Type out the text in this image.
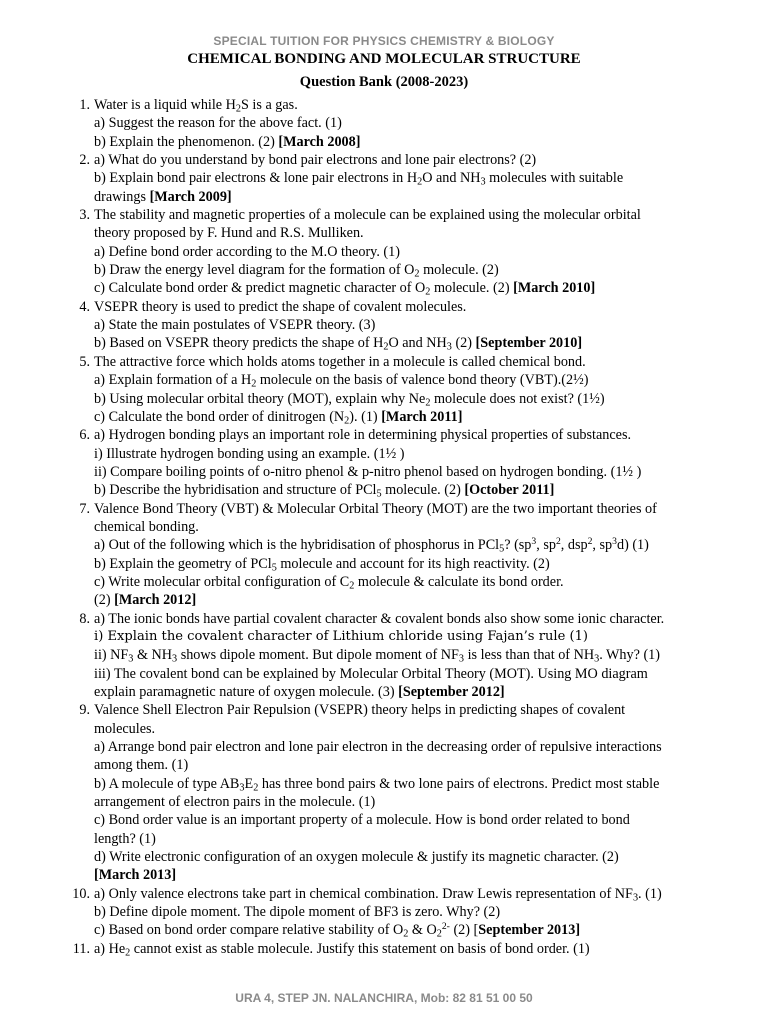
SPECIAL TUITION FOR PHYSICS CHEMISTRY & BIOLOGY
CHEMICAL BONDING AND MOLECULAR STRUCTURE
Question Bank (2008-2023)
1. Water is a liquid while $H_2S$ is a gas.
a) Suggest the reason for the above fact. (1)
b) Explain the phenomenon. (2) [March 2008]
2. a) What do you understand by bond pair electrons and lone pair electrons? (2)
b) Explain bond pair electrons & lone pair electrons in $H_2O$ and $NH_3$ molecules with suitable
drawings [March 2009]
3. The stability and magnetic properties of a molecule can be explained using the molecular orbital
theory proposed by F. Hund and R.S. Mulliken.
a) Define bond order according to the M.O theory. (1)
b) Draw the energy level diagram for the formation of $O_2$ molecule. (2)
c) Calculate bond order & predict magnetic character of $O_2$ molecule. (2) [March 2010]
4. VSEPR theory is used to predict the shape of covalent molecules.
a) State the main postulates of VSEPR theory. (3)
b) Based on VSEPR theory predicts the shape of $H_2O$ and $NH_3$ (2) [September 2010]
5. The attractive force which holds atoms together in a molecule is called chemical bond.
a) Explain formation of a $H_2$ molecule on the basis of valence bond theory (VBT).(2½)
b) Using molecular orbital theory (MOT), explain why $Ne_2$ molecule does not exist? (1½)
c) Calculate the bond order of dinitrogen $(N_2)$. (1) [March 2011]
6. a) Hydrogen bonding plays an important role in determining physical properties of substances.
i) Illustrate hydrogen bonding using an example. (1½ )
ii) Compare boiling points of o-nitro phenol & p-nitro phenol based on hydrogen bonding. (1½ )
b) Describe the hybridisation and structure of PCl$_5$ molecule. (2) [October 2011]
7. Valence Bond Theory (VBT) & Molecular Orbital Theory (MOT) are the two important theories of
chemical bonding.
a) Out of the following which is the hybridisation of phosphorus in PCl$_5$? ($sp^3$, $sp^2$, dsp$^2$, $sp^3d$) (1)
b) Explain the geometry of PCl$_5$ molecule and account for its high reactivity. (2)
c) Write molecular orbital configuration of $C_2$ molecule & calculate its bond order.
(2) [March 2012]
8. a) The ionic bonds have partial covalent character & covalent bonds also show some ionic character.
i) Explain the covalent character of Lithium chloride using Fajan’s rule (1)
ii) $NF_3$ & $NH_3$ shows dipole moment. But dipole moment of $NF_3$ is less than that of $NH_3$. Why? (1)
iii) The covalent bond can be explained by Molecular Orbital Theory (MOT). Using MO diagram
explain paramagnetic nature of oxygen molecule. (3) [September 2012]
9. Valence Shell Electron Pair Repulsion (VSEPR) theory helps in predicting shapes of covalent
molecules.
a) Arrange bond pair electron and lone pair electron in the decreasing order of repulsive interactions
among them. (1)
b) A molecule of type $AB_3E_2$ has three bond pairs & two lone pairs of electrons. Predict most stable
arrangement of electron pairs in the molecule. (1)
c) Bond order value is an important property of a molecule. How is bond order related to bond
length? (1)
d) Write electronic configuration of an oxygen molecule & justify its magnetic character. (2)
[March 2013]
10. a) Only valence electrons take part in chemical combination. Draw Lewis representation of $NF_3$. (1)
b) Define dipole moment. The dipole moment of BF3 is zero. Why? (2)
c) Based on bond order compare relative stability of $O_2$ & $O_2^{2-}$ (2) [September 2013]
11. a) $He_2$ cannot exist as stable molecule. Justify this statement on basis of bond order. (1)
URA 4, STEP JN. NALANCHIRA, Mob: 82 81 51 00 50
